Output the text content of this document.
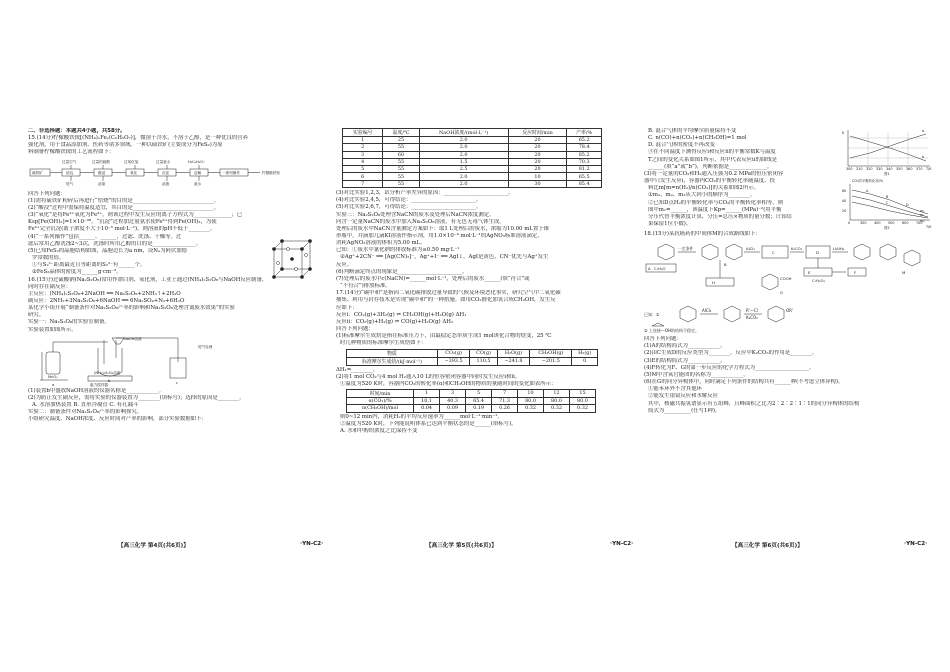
二、非选择题：本题共4小题，共58分。

15.(14分)柠檬酸铁铵[(NH₄)ₓFeᵧ(C₆H₅O₇)]，微溶于冷水，不溶于乙醇，是一种优良的营养

强化剂，用于食品添加剂、医药等诸多领域。一种以硫铁矿(主要成分为FeS₂)为原

料制备柠檬酸铁铵的工艺流程如下：

过量空气	过量的硫酸	过氧化氢	过量氨水	H₃C₆H₅O₇
硫铁矿	焙烧	酸浸	氧化	沉淀	溶解	一系列操作	柠檬酸铁铵
尾气	滤渣	滤液	氨水

回答下列问题：

(1)需将硫铁矿粉碎后再进行“焙烧”的目的是______________________________。

(2)“酸浸”过程中需保持温度适宜，其目的是______________________________。

(3)“氧化”是将Fe²⁺氧化为Fe³⁺，则该过程中发生反应的离子方程式为______________；已

Ksp[Fe(OH)₃]=1×10⁻³⁸。“沉淀”过程加过量氨水使Fe³⁺得到Fe(OH)₃，为使

Fe³⁺完全沉淀(离子浓度不大于10⁻⁵ mol·L⁻¹)，则溶液的pH不低于________。

(4)“一系列操作”包括______、______，过滤、洗涤、干燥等。过

滤后常用乙醇洗涤2~3次，洗涤时所用乙醇的目的是________________。

(5)已知FeS₂的晶胞结构如图，晶胞边长为a nm，设Nₐ为阿伏加德

罗常数的值。

①与S₂²⁻距离最近且等距离的S₂²⁻有______个。

②FeS₂晶体的密度为______g·cm⁻³。

16.(15分)过硫酸钠(Na₂S₂O₈)常用作漂白剂、氧化剂，工业上通过(NH₄)₂S₂O₈与NaOH反应制备，

同时存在副反应：

主反应：(NH₄)₂S₂O₈+2NaOH ══ Na₂S₂O₈+2NH₃↑+2H₂O

副反应：2NH₃+3Na₂S₂O₈+6NaOH ══ 6Na₂SO₄+N₂+6H₂O

某化学小组开展“制备条件对Na₂S₂O₈产率的影响和Na₂S₂O₈处理含氰废水效果”的实验

研究。

实验一：Na₂S₂O₈的实验室制备。

实验装置如图所示。

尾气处理
NaOH溶液
磁力搅拌器
MnO₂
(NH₄)₂S₂O₈溶液
a
b	c

(1)装置b中盛放NaOH溶液的仪器名称是____________。

(2)为防止发生副反应，需将实验的仪器装置为________(填标号)；选择的原因是________。

A. 水溶加热装置 B. 直形冷凝管 C. 有孔漏斗

实验二：制备条件对Na₂S₂O₈产率的影响探究。

小组研究温度、NaOH浓度、反应时间对产率的影响，部分实验数据如下：

【高三化学 第4页(共6页)】	·YN-C2·
实验编号	温度/℃	NaOH浓度/(mol·L⁻¹)	反应时间/min	产率/%
1	25	2.0	20	65.2
2	55	2.0	20	78.4
3	60	2.0	20	85.2
4	55	1.5	20	70.3
5	55	2.5	20	81.2
6	55	2.0	10	65.5
7	55	2.0	30	85.4

(3)对比实验1,2,3，试分析产率差异的原因：________________________。

(4)对比实验2,4,5，可得结论：________________________。

(5)对比实验2,6,7，可得结论：________________________。

实验三：Na₂S₂O₈处理含NaCN的废水及处理后NaCN浓度测定。

向含一定量NaCN的废水中加入Na₂S₂O₈溶液，有无色无毒气体生成。

处理后的废水中NaCN含量测定方案如下：取1 L处理后的废水，浓缩为10.00 mL置于锥

形瓶中，并滴加几滴KI溶液作指示剂，用1.0×10⁻⁴ mol·L⁻¹的AgNO₃标准溶液滴定，

消耗AgNO₃溶液的体积为5.00 mL。

已知：①废水中氰化钠的排放标准为≤0.50 mg·L⁻¹

②Ag⁺+2CN⁻ ══ [Ag(CN)₂]⁻，Ag⁺+I⁻ ══ AgI↓，AgI是黄色，CN⁻优先与Ag⁺发生

反应。

(6)判断滴定终点的现象是________________________。

(7)处理后的废水中c(NaCN)=______mol·L⁻¹，处理后的废水______(填“符合”或

“不符合”)排放标准。

17.(14分)“碳中和”是指因二氧化碳排放过量导致的气候及环境恶化事实，研究空气中二氧化碳

捕集、利用与封存技术是实现“碳中和”的一种措施。如用CO₂催化加氢合成CH₃OH，发生反

应如下：

反应ⅰ：CO₂(g)+3H₂(g) ⇌ CH₃OH(g)+H₂O(g) ΔH₁

反应ⅱ：CO₂(g)+H₂(g) ⇌ CO(g)+H₂O(g) ΔH₂

回答下列问题：

(1)标准摩尔生成焓是指在标准压力下，由最稳定态单质生成1 mol该化合物的焓变，25 ℃

时几种物质的标准摩尔生成焓如下：

物质	CO₂(g)	CO(g)	H₂O(g)	CH₃OH(g)	H₂(g)
标准摩尔生成焓/(kJ·mol⁻¹)	−393.5	110.5	−241.8	−201.5	0

ΔH₁=________。

(2)将1 mol CO₂与4 mol H₂通入10 L的恒容密闭容器中同时发生反应ⅰ和ⅱ。

①温度为520 K时，容器内CO₂的转化率(α)和CH₃OH的物质的量随时间的变化如表所示：

时间/min	1	3	5	7	10	12	15
α(CO₂)/%	10.1	40.3	65.4	71.3	80.0	80.0	80.0
n(CH₃OH)/mol	0.04	0.09	0.19	0.26	0.32	0.32	0.32

则0~12 min内，消耗H₂的平均反应速率为______mol·L⁻¹·min⁻¹。

②温度为520 K时，下列能说明体系已达到平衡状态的是______(填标号)。

A. 水和甲醇的浓度之比保持不变

【高三化学 第5页(共6页)】	·YN-C2·

B. 混合气体的平均摩尔质量保持不变

C. n(CO)+n(CO₂)+n(CH₃OH)=1 mol

D. 混合气体的密度不再改变

③在不同温度下测得反应ⅰ和反应ⅱ的平衡常数K与温度

T之间的变化关系如图1所示，其中代表反应ⅱ的曲线是

______(填“a”或“b”)，判断依据是______________。

(3)将一定量的CO₂和H₂通入压强为0.2 MPa的恒压密闭容

器中只发生反应ⅰ，容器内CO₂的平衡转化率随温度、投

料比m[m=n(H₂)/n(CO₂)]的关系如图2所示。

①m₁、m₂、m₃从大到小的顺序为________。

②已知D点H₂的平衡转化率与CO₂的平衡转化率相等，则

图中m₁=______，该温度下Kp=______(MPa)⁻²(用平衡

分压代替平衡浓度计算，分压=总压×物质的量分数；计算结

果保留1位小数)。

K	a
b
300 310 320 330 340 350 360 370 T/K
图1
CO₂的平衡转化率/%
60
40
20	m₁
m₂
m₃
A
B
C	D
0	300 400 500 600 700
T/K
图2

18.(15分)某抗癌药的中间体M的合成路线如下：

A C₇H₈O
一定条件	AlCl₃
B
C
K₂CO₃
D
E
C₇H₅O₂
F
LiAlH₄
M
G
COOH
H
已知：①
AlCl₃	R'—Cl
K₂CO₃
OR'
② 上连接—OH的结构不稳定。

回答下列问题：

(1)A的结构简式为____________。

(2)由C生成D的反应类型为________，反应中K₂CO₃的作用是________。

(3)E的结构简式为____________。

(4)F转化为F、G的第一步反应的化学方程式为____________________。

(5)M中含氧官能团的名称为____________。

(6)在G的同分异构体中，同时满足下列条件的结构共有______种(不考虑立体异构)。

①能苯环外不含其他环

②能发生银镜反应和水解反应

其中，核磁共振氢谱显示有五组峰，且峰面积之比为2∶2∶2∶1∶1的同分异构体的结构

简式为__________(任写1种)。

【高三化学 第6页(共6页)】	·YN-C2·
